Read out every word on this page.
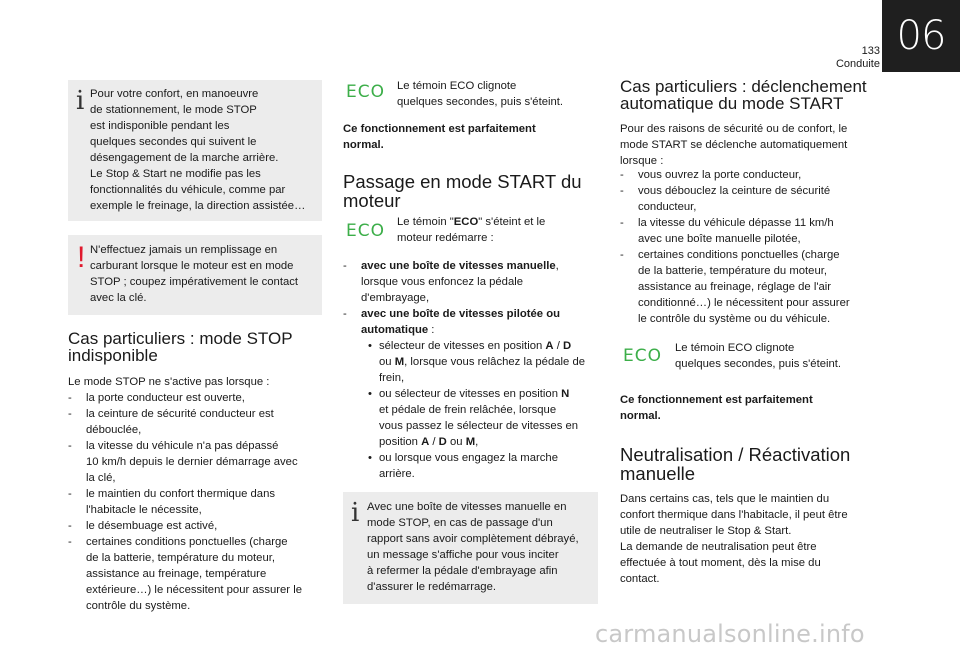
133
Conduite
06
i Pour votre confort, en manoeuvre
de stationnement, le mode STOP
est indisponible pendant les
quelques secondes qui suivent le
désengagement de la marche arrière.
Le Stop & Start ne modifie pas les
fonctionnalités du véhicule, comme par
exemple le freinage, la direction assistée…
! N'effectuez jamais un remplissage en
carburant lorsque le moteur est en mode
STOP ; coupez impérativement le contact
avec la clé.
Cas particuliers : mode STOP
indisponible
Le mode STOP ne s'active pas lorsque :
- la porte conducteur est ouverte,
- la ceinture de sécurité conducteur est
débouclée,
- la vitesse du véhicule n'a pas dépassé
10 km/h depuis le dernier démarrage avec
la clé,
- le maintien du confort thermique dans
l'habitacle le nécessite,
- le désembuage est activé,
- certaines conditions ponctuelles (charge
de la batterie, température du moteur,
assistance au freinage, température
extérieure…) le nécessitent pour assurer le
contrôle du système.
ECO	Le témoin ECO clignote
quelques secondes, puis s'éteint.
Ce fonctionnement est parfaitement
normal.
Passage en mode START du
moteur
ECO	Le témoin "ECO" s'éteint et le
moteur redémarre :
- avec une boîte de vitesses manuelle,
lorsque vous enfoncez la pédale
d'embrayage,
- avec une boîte de vitesses pilotée ou
automatique :
• sélecteur de vitesses en position A / D
ou M, lorsque vous relâchez la pédale de
frein,
• ou sélecteur de vitesses en position N
et pédale de frein relâchée, lorsque
vous passez le sélecteur de vitesses en
position A / D ou M,
• ou lorsque vous engagez la marche
arrière.
i Avec une boîte de vitesses manuelle en
mode STOP, en cas de passage d'un
rapport sans avoir complètement débrayé,
un message s'affiche pour vous inciter
à refermer la pédale d'embrayage afin
d'assurer le redémarrage.
Cas particuliers : déclenchement
automatique du mode START
Pour des raisons de sécurité ou de confort, le
mode START se déclenche automatiquement
lorsque :
- vous ouvrez la porte conducteur,
- vous débouclez la ceinture de sécurité
conducteur,
- la vitesse du véhicule dépasse 11 km/h
avec une boîte manuelle pilotée,
- certaines conditions ponctuelles (charge
de la batterie, température du moteur,
assistance au freinage, réglage de l'air
conditionné…) le nécessitent pour assurer
le contrôle du système ou du véhicule.
ECO	Le témoin ECO clignote
quelques secondes, puis s'éteint.
Ce fonctionnement est parfaitement
normal.
Neutralisation / Réactivation
manuelle
Dans certains cas, tels que le maintien du
confort thermique dans l'habitacle, il peut être
utile de neutraliser le Stop & Start.
La demande de neutralisation peut être
effectuée à tout moment, dès la mise du
contact.
carmanualsonline.info
